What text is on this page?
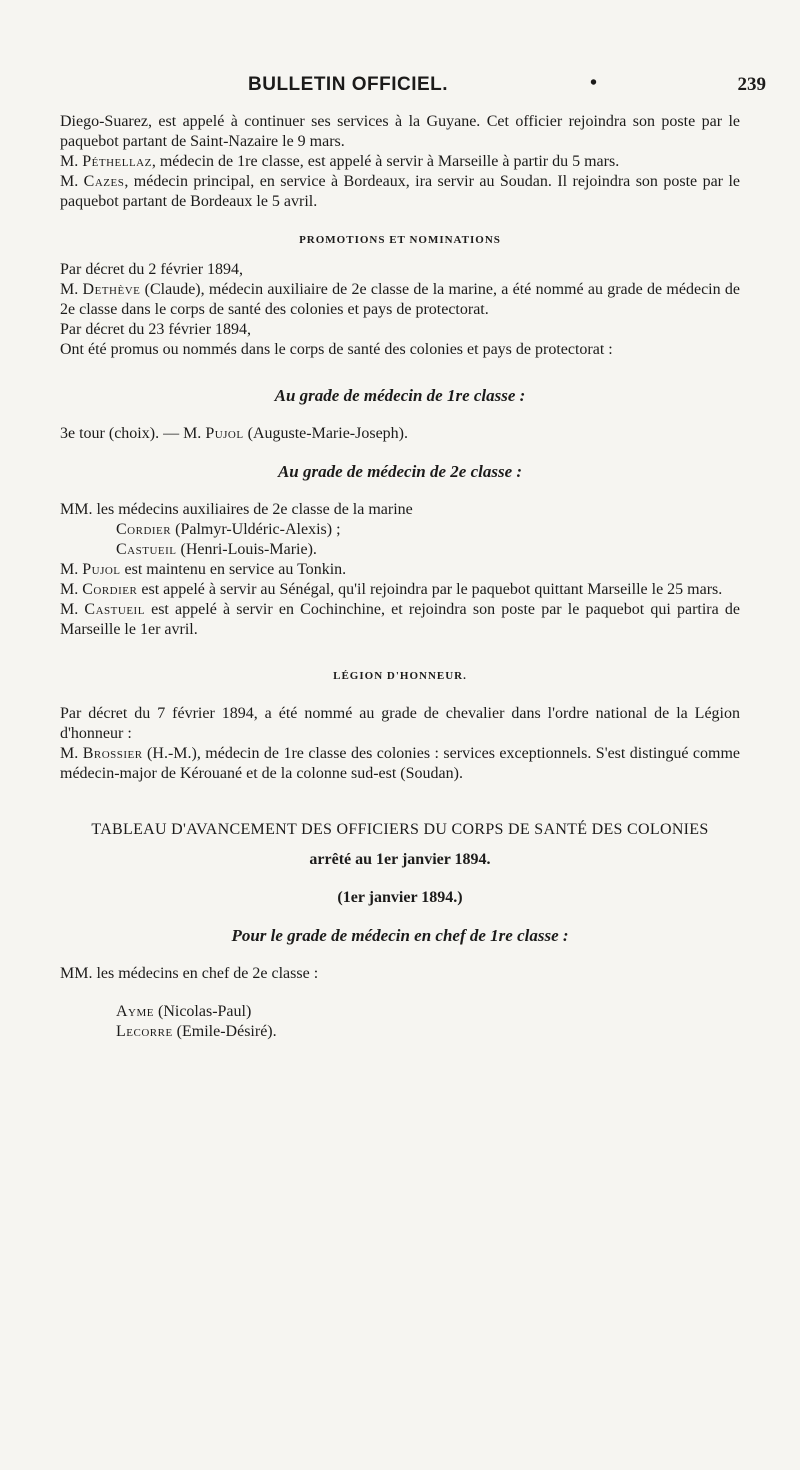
BULLETIN OFFICIEL.	•	239

Diego-Suarez, est appelé à continuer ses services à la Guyane. Cet officier rejoindra son poste par le paquebot partant de Saint-Nazaire le 9 mars.

M. Péthellaz, médecin de 1re classe, est appelé à servir à Marseille à partir du 5 mars.

M. Cazes, médecin principal, en service à Bordeaux, ira servir au Soudan. Il rejoindra son poste par le paquebot partant de Bordeaux le 5 avril.

PROMOTIONS ET NOMINATIONS

Par décret du 2 février 1894,

M. Dethève (Claude), médecin auxiliaire de 2e classe de la marine, a été nommé au grade de médecin de 2e classe dans le corps de santé des colonies et pays de protectorat.

Par décret du 23 février 1894,

Ont été promus ou nommés dans le corps de santé des colonies et pays de protectorat :

Au grade de médecin de 1re classe :

3e tour (choix). — M. Pujol (Auguste-Marie-Joseph).

Au grade de médecin de 2e classe :

MM. les médecins auxiliaires de 2e classe de la marine

Cordier (Palmyr-Uldéric-Alexis) ;

Castueil (Henri-Louis-Marie).

M. Pujol est maintenu en service au Tonkin.

M. Cordier est appelé à servir au Sénégal, qu'il rejoindra par le paquebot quittant Marseille le 25 mars.

M. Castueil est appelé à servir en Cochinchine, et rejoindra son poste par le paquebot qui partira de Marseille le 1er avril.

LÉGION D'HONNEUR.

Par décret du 7 février 1894, a été nommé au grade de chevalier dans l'ordre national de la Légion d'honneur :

M. Brossier (H.-M.), médecin de 1re classe des colonies : services exceptionnels. S'est distingué comme médecin-major de Kérouané et de la colonne sud-est (Soudan).

TABLEAU D'AVANCEMENT DES OFFICIERS DU CORPS DE SANTÉ DES COLONIES
arrêté au 1er janvier 1894.
(1er janvier 1894.)
Pour le grade de médecin en chef de 1re classe :

MM. les médecins en chef de 2e classe :

Ayme (Nicolas-Paul)

Lecorre (Emile-Désiré).
